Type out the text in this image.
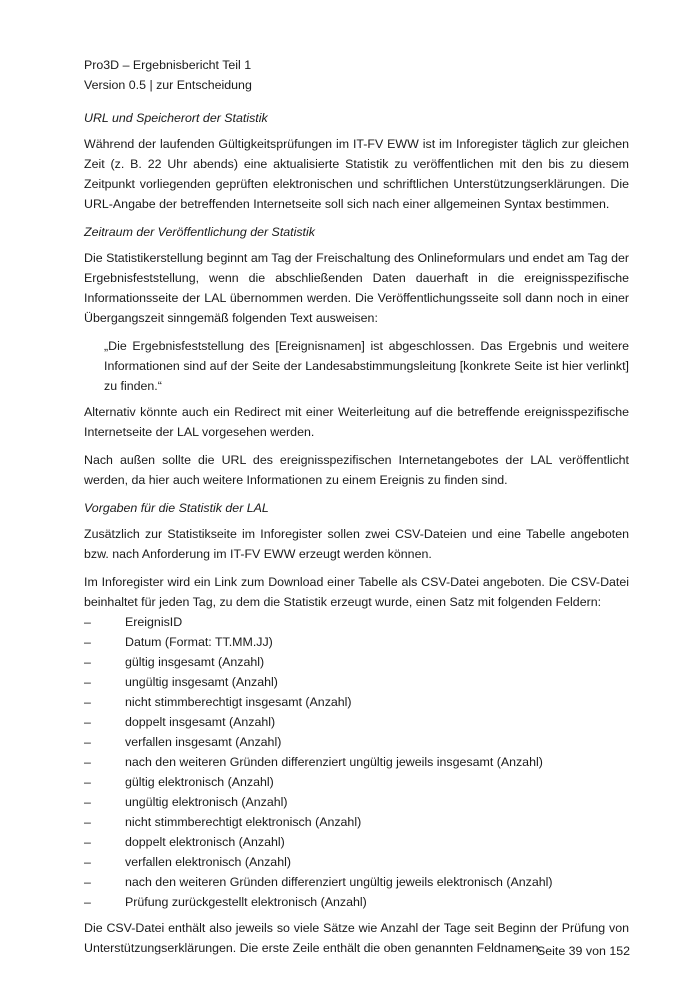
Pro3D – Ergebnisbericht Teil 1
Version 0.5 | zur Entscheidung
URL und Speicherort der Statistik

Während der laufenden Gültigkeitsprüfungen im IT-FV EWW ist im Inforegister täglich zur gleichen Zeit (z. B. 22 Uhr abends) eine aktualisierte Statistik zu veröffentlichen mit den bis zu diesem Zeitpunkt vorliegenden geprüften elektronischen und schriftlichen Unterstützungserklärungen. Die URL-Angabe der betreffenden Internetseite soll sich nach einer allgemeinen Syntax bestimmen.

Zeitraum der Veröffentlichung der Statistik

Die Statistikerstellung beginnt am Tag der Freischaltung des Onlineformulars und endet am Tag der Ergebnisfeststellung, wenn die abschließenden Daten dauerhaft in die ereignisspezifische Informationsseite der LAL übernommen werden. Die Veröffentlichungsseite soll dann noch in einer Übergangszeit sinngemäß folgenden Text ausweisen:

„Die Ergebnisfeststellung des [Ereignisnamen] ist abgeschlossen. Das Ergebnis und weitere Informationen sind auf der Seite der Landesabstimmungsleitung [konkrete Seite ist hier verlinkt] zu finden.“

Alternativ könnte auch ein Redirect mit einer Weiterleitung auf die betreffende ereignisspezifische Internetseite der LAL vorgesehen werden.

Nach außen sollte die URL des ereignisspezifischen Internetangebotes der LAL veröffentlicht werden, da hier auch weitere Informationen zu einem Ereignis zu finden sind.

Vorgaben für die Statistik der LAL

Zusätzlich zur Statistikseite im Inforegister sollen zwei CSV-Dateien und eine Tabelle angeboten bzw. nach Anforderung im IT-FV EWW erzeugt werden können.

Im Inforegister wird ein Link zum Download einer Tabelle als CSV-Datei angeboten. Die CSV-Datei beinhaltet für jeden Tag, zu dem die Statistik erzeugt wurde, einen Satz mit folgenden Feldern:

–	EreignisID
–	Datum (Format: TT.MM.JJ)
–	gültig insgesamt (Anzahl)
–	ungültig insgesamt (Anzahl)
–	nicht stimmberechtigt insgesamt (Anzahl)
–	doppelt insgesamt (Anzahl)
–	verfallen insgesamt (Anzahl)
–	nach den weiteren Gründen differenziert ungültig jeweils insgesamt (Anzahl)
–	gültig elektronisch (Anzahl)
–	ungültig elektronisch (Anzahl)
–	nicht stimmberechtigt elektronisch (Anzahl)
–	doppelt elektronisch (Anzahl)
–	verfallen elektronisch (Anzahl)
–	nach den weiteren Gründen differenziert ungültig jeweils elektronisch (Anzahl)
–	Prüfung zurückgestellt elektronisch (Anzahl)

Die CSV-Datei enthält also jeweils so viele Sätze wie Anzahl der Tage seit Beginn der Prüfung von Unterstützungserklärungen. Die erste Zeile enthält die oben genannten Feldnamen.

Seite 39 von 152
